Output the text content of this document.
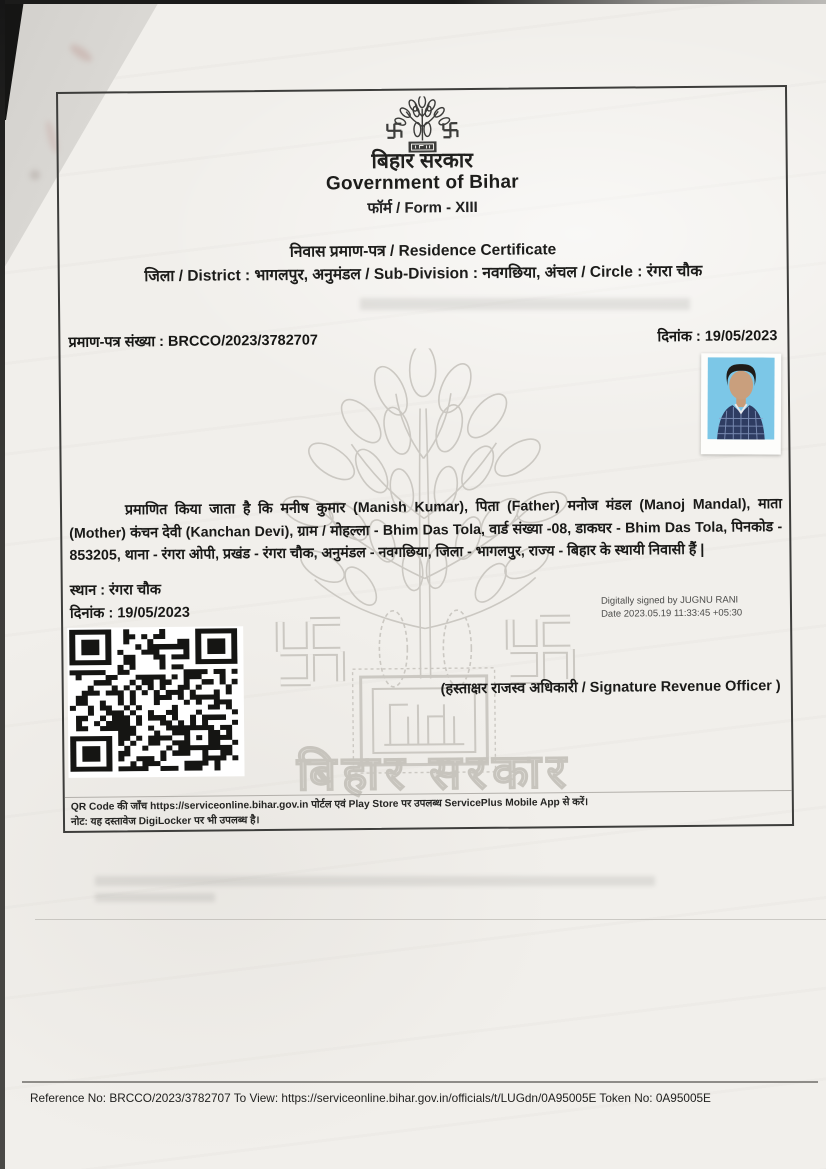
बिहार सरकार
बिहार सरकार
Government of Bihar
फॉर्म / Form - XIII
निवास प्रमाण-पत्र / Residence Certificate
जिला / District : भागलपुर, अनुमंडल / Sub-Division : नवगछिया, अंचल / Circle : रंगरा चौक
प्रमाण-पत्र संख्या : BRCCO/2023/3782707	दिनांक : 19/05/2023

प्रमाणित किया जाता है कि मनीष कुमार (Manish Kumar), पिता (Father) मनोज मंडल (Manoj Mandal), माता (Mother) कंचन देवी (Kanchan Devi), ग्राम / मोहल्ला - Bhim Das Tola, वार्ड संख्या -08, डाकघर - Bhim Das Tola, पिनकोड - 853205, थाना - रंगरा ओपी, प्रखंड - रंगरा चौक, अनुमंडल - नवगछिया, जिला - भागलपुर, राज्य - बिहार के स्थायी निवासी हैं |

स्थान : रंगरा चौक
दिनांक : 19/05/2023
Digitally signed by JUGNU RANI
Date 2023.05.19 11:33:45 +05:30
(हस्ताक्षर राजस्व अधिकारी / Signature Revenue Officer )
QR Code की जाँच https://serviceonline.bihar.gov.in पोर्टल एवं Play Store पर उपलब्ध ServicePlus Mobile App से करें।
नोट: यह दस्तावेज DigiLocker पर भी उपलब्ध है।
Reference No: BRCCO/2023/3782707 To View: https://serviceonline.bihar.gov.in/officials/t/LUGdn/0A95005E Token No: 0A95005E
